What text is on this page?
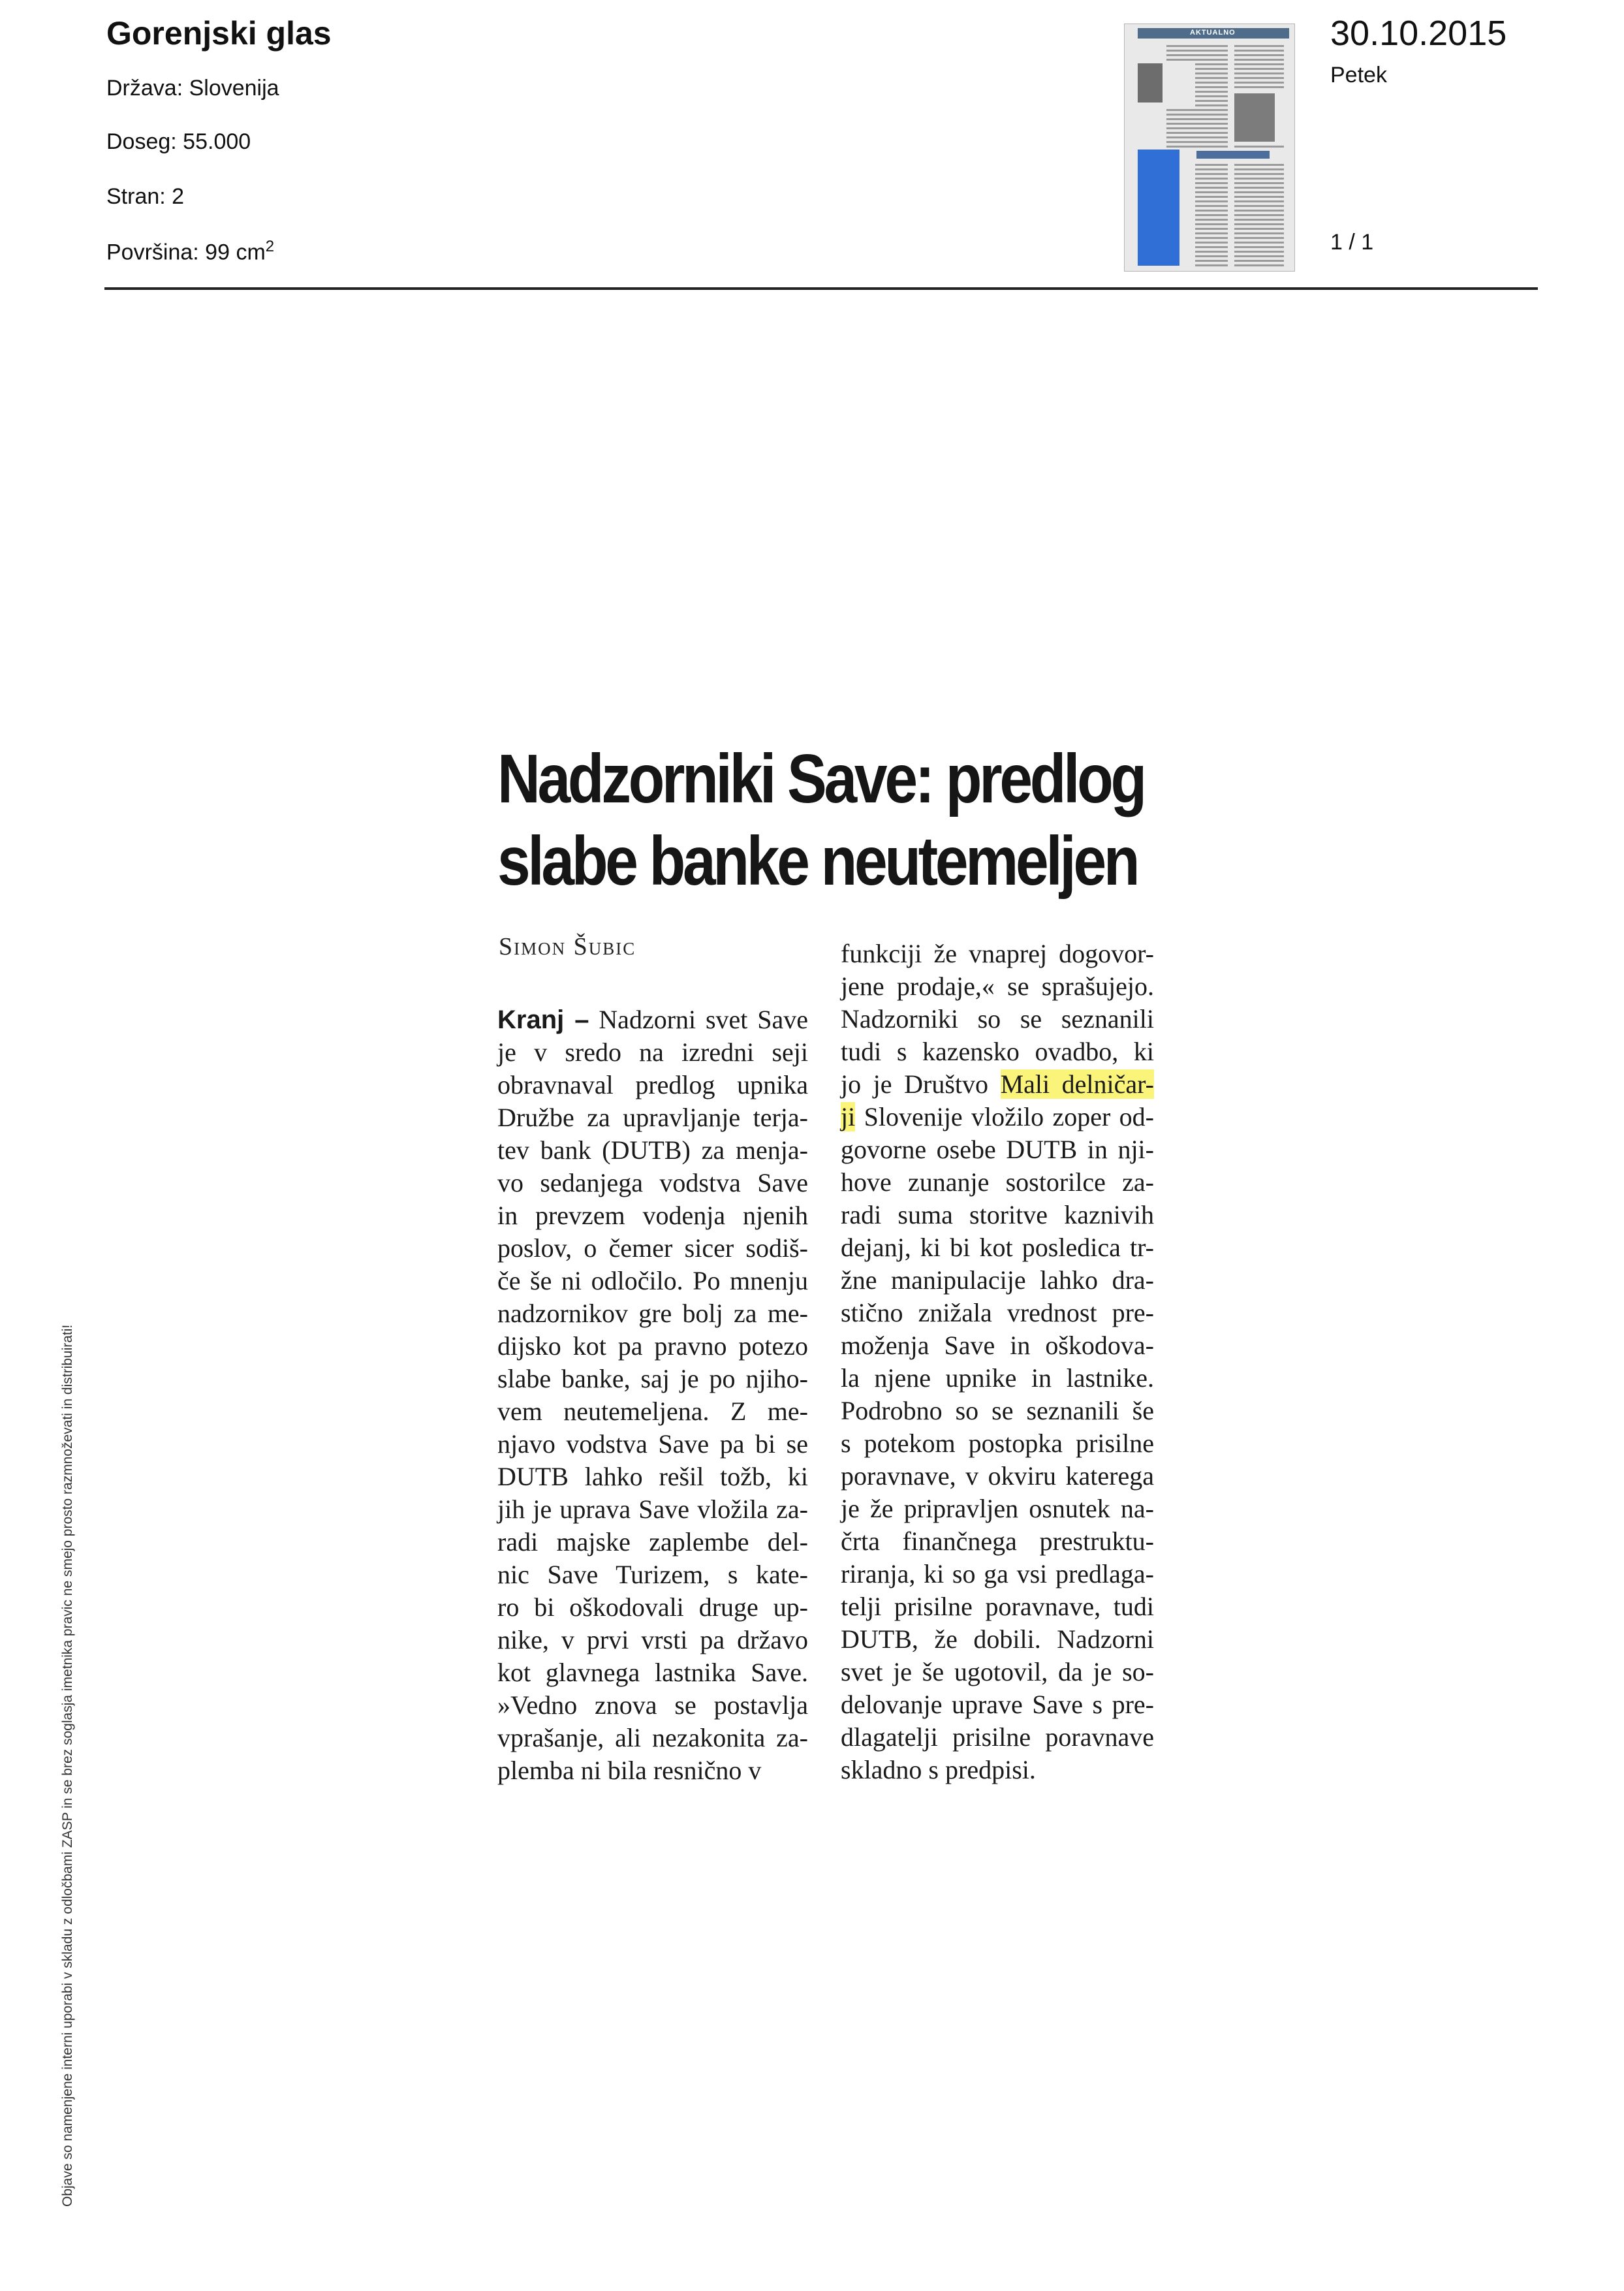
Gorenjski glas
Država: Slovenija
Doseg: 55.000
Stran: 2
Površina: 99 $cm^2$
AKTUALNO	30.10.2015
Petek
1 / 1
Nadzorniki Save: predlog
slabe banke neutemeljen
Simon Šubic
Kranj – Nadzorni svet Save
je v sredo na izredni seji
obravnaval predlog upnika
Družbe za upravljanje terja-
tev bank (DUTB) za menja-
vo sedanjega vodstva Save
in prevzem vodenja njenih
poslov, o čemer sicer sodiš-
če še ni odločilo. Po mnenju
nadzornikov gre bolj za me-
dijsko kot pa pravno potezo
slabe banke, saj je po njiho-
vem neutemeljena. Z me-
njavo vodstva Save pa bi se
DUTB lahko rešil tožb, ki
jih je uprava Save vložila za-
radi majske zaplembe del-
nic Save Turizem, s kate-
ro bi oškodovali druge up-
nike, v prvi vrsti pa državo
kot glavnega lastnika Save.
»Vedno znova se postavlja
vprašanje, ali nezakonita za-
plemba ni bila resnično v
funkciji že vnaprej dogovor-
jene prodaje,« se sprašujejo.
Nadzorniki so se seznanili
tudi s kazensko ovadbo, ki
jo je Društvo Mali delničar-
ji Slovenije vložilo zoper od-
govorne osebe DUTB in nji-
hove zunanje sostorilce za-
radi suma storitve kaznivih
dejanj, ki bi kot posledica tr-
žne manipulacije lahko dra-
stično znižala vrednost pre-
moženja Save in oškodova-
la njene upnike in lastnike.
Podrobno so se seznanili še
s potekom postopka prisilne
poravnave, v okviru katerega
je že pripravljen osnutek na-
črta finančnega prestruktu-
riranja, ki so ga vsi predlaga-
telji prisilne poravnave, tudi
DUTB, že dobili. Nadzorni
svet je še ugotovil, da je so-
delovanje uprave Save s pre-
dlagatelji prisilne poravnave
skladno s predpisi.
Objave so namenjene interni uporabi v skladu z odločbami ZASP in se brez soglasja imetnika pravic ne smejo prosto razmnoževati in distribuirati!
